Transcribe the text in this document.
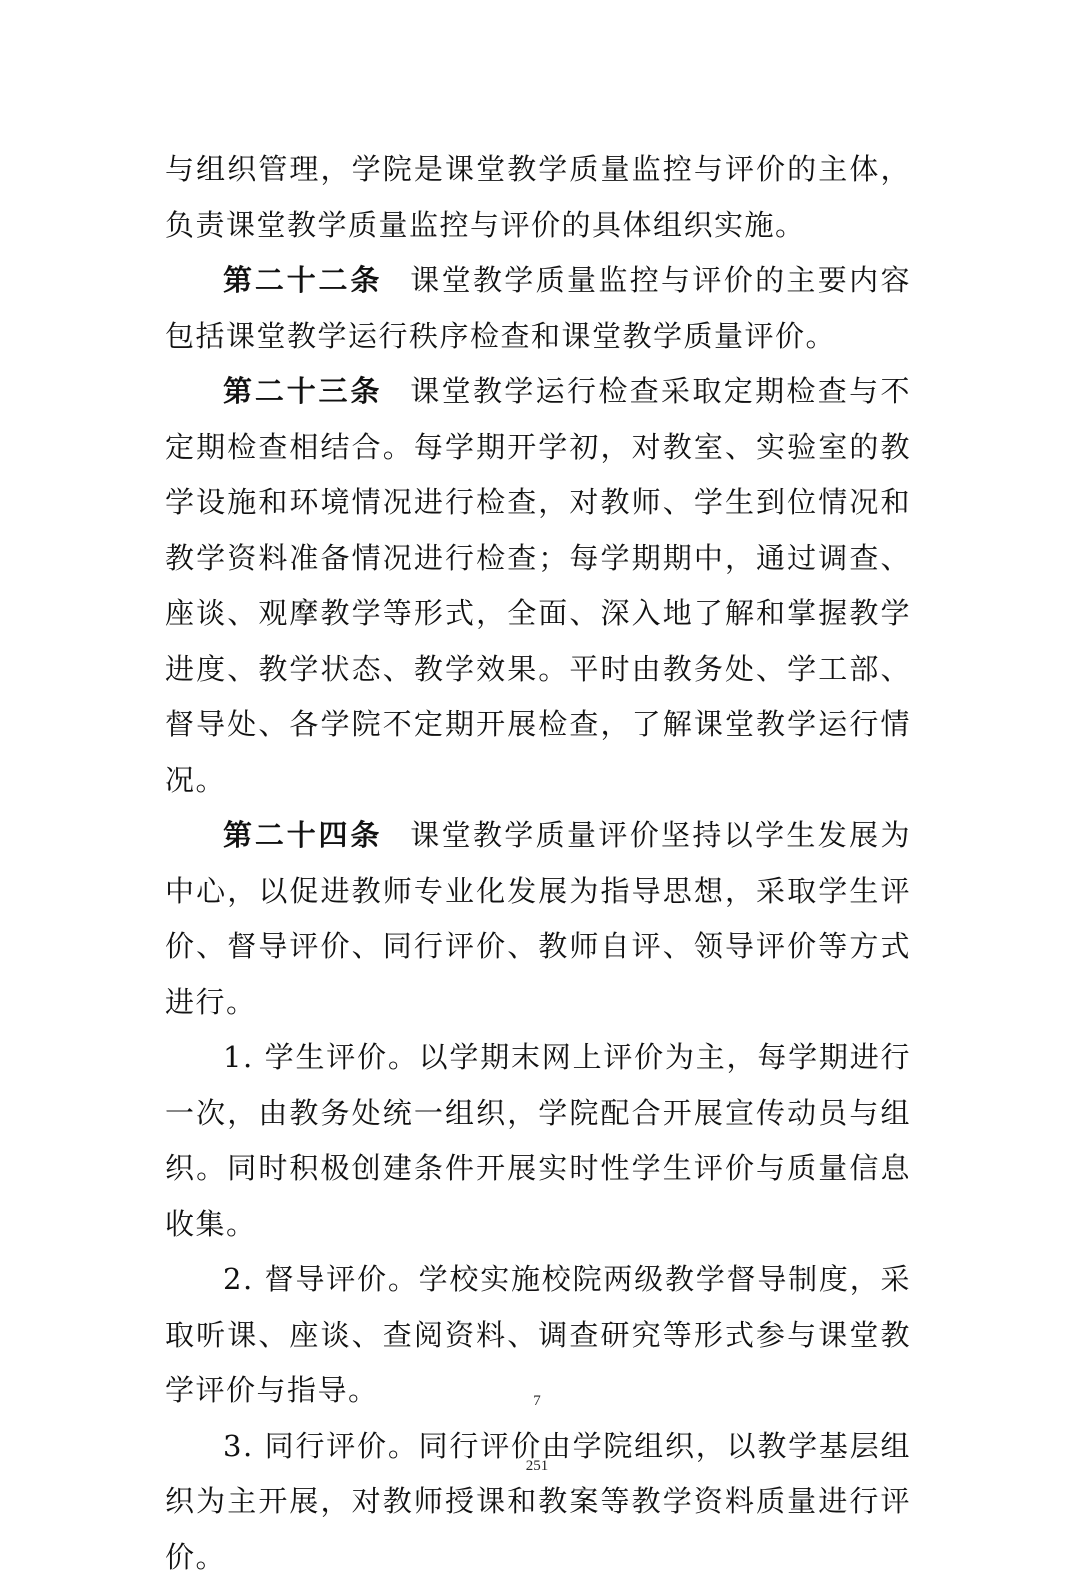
与组织管理，学院是课堂教学质量监控与评价的主体，负责课堂教学质量监控与评价的具体组织实施。

第二十二条 课堂教学质量监控与评价的主要内容包括课堂教学运行秩序检查和课堂教学质量评价。

第二十三条 课堂教学运行检查采取定期检查与不定期检查相结合。每学期开学初，对教室、实验室的教学设施和环境情况进行检查，对教师、学生到位情况和教学资料准备情况进行检查；每学期期中，通过调查、座谈、观摩教学等形式，全面、深入地了解和掌握教学进度、教学状态、教学效果。平时由教务处、学工部、督导处、各学院不定期开展检查，了解课堂教学运行情况。

第二十四条 课堂教学质量评价坚持以学生发展为中心，以促进教师专业化发展为指导思想，采取学生评价、督导评价、同行评价、教师自评、领导评价等方式进行。

1. 学生评价。以学期末网上评价为主，每学期进行一次，由教务处统一组织，学院配合开展宣传动员与组织。同时积极创建条件开展实时性学生评价与质量信息收集。

2. 督导评价。学校实施校院两级教学督导制度，采取听课、座谈、查阅资料、调查研究等形式参与课堂教学评价与指导。

3. 同行评价。同行评价由学院组织，以教学基层组织为主开展，对教师授课和教案等教学资料质量进行评价。

7
251
